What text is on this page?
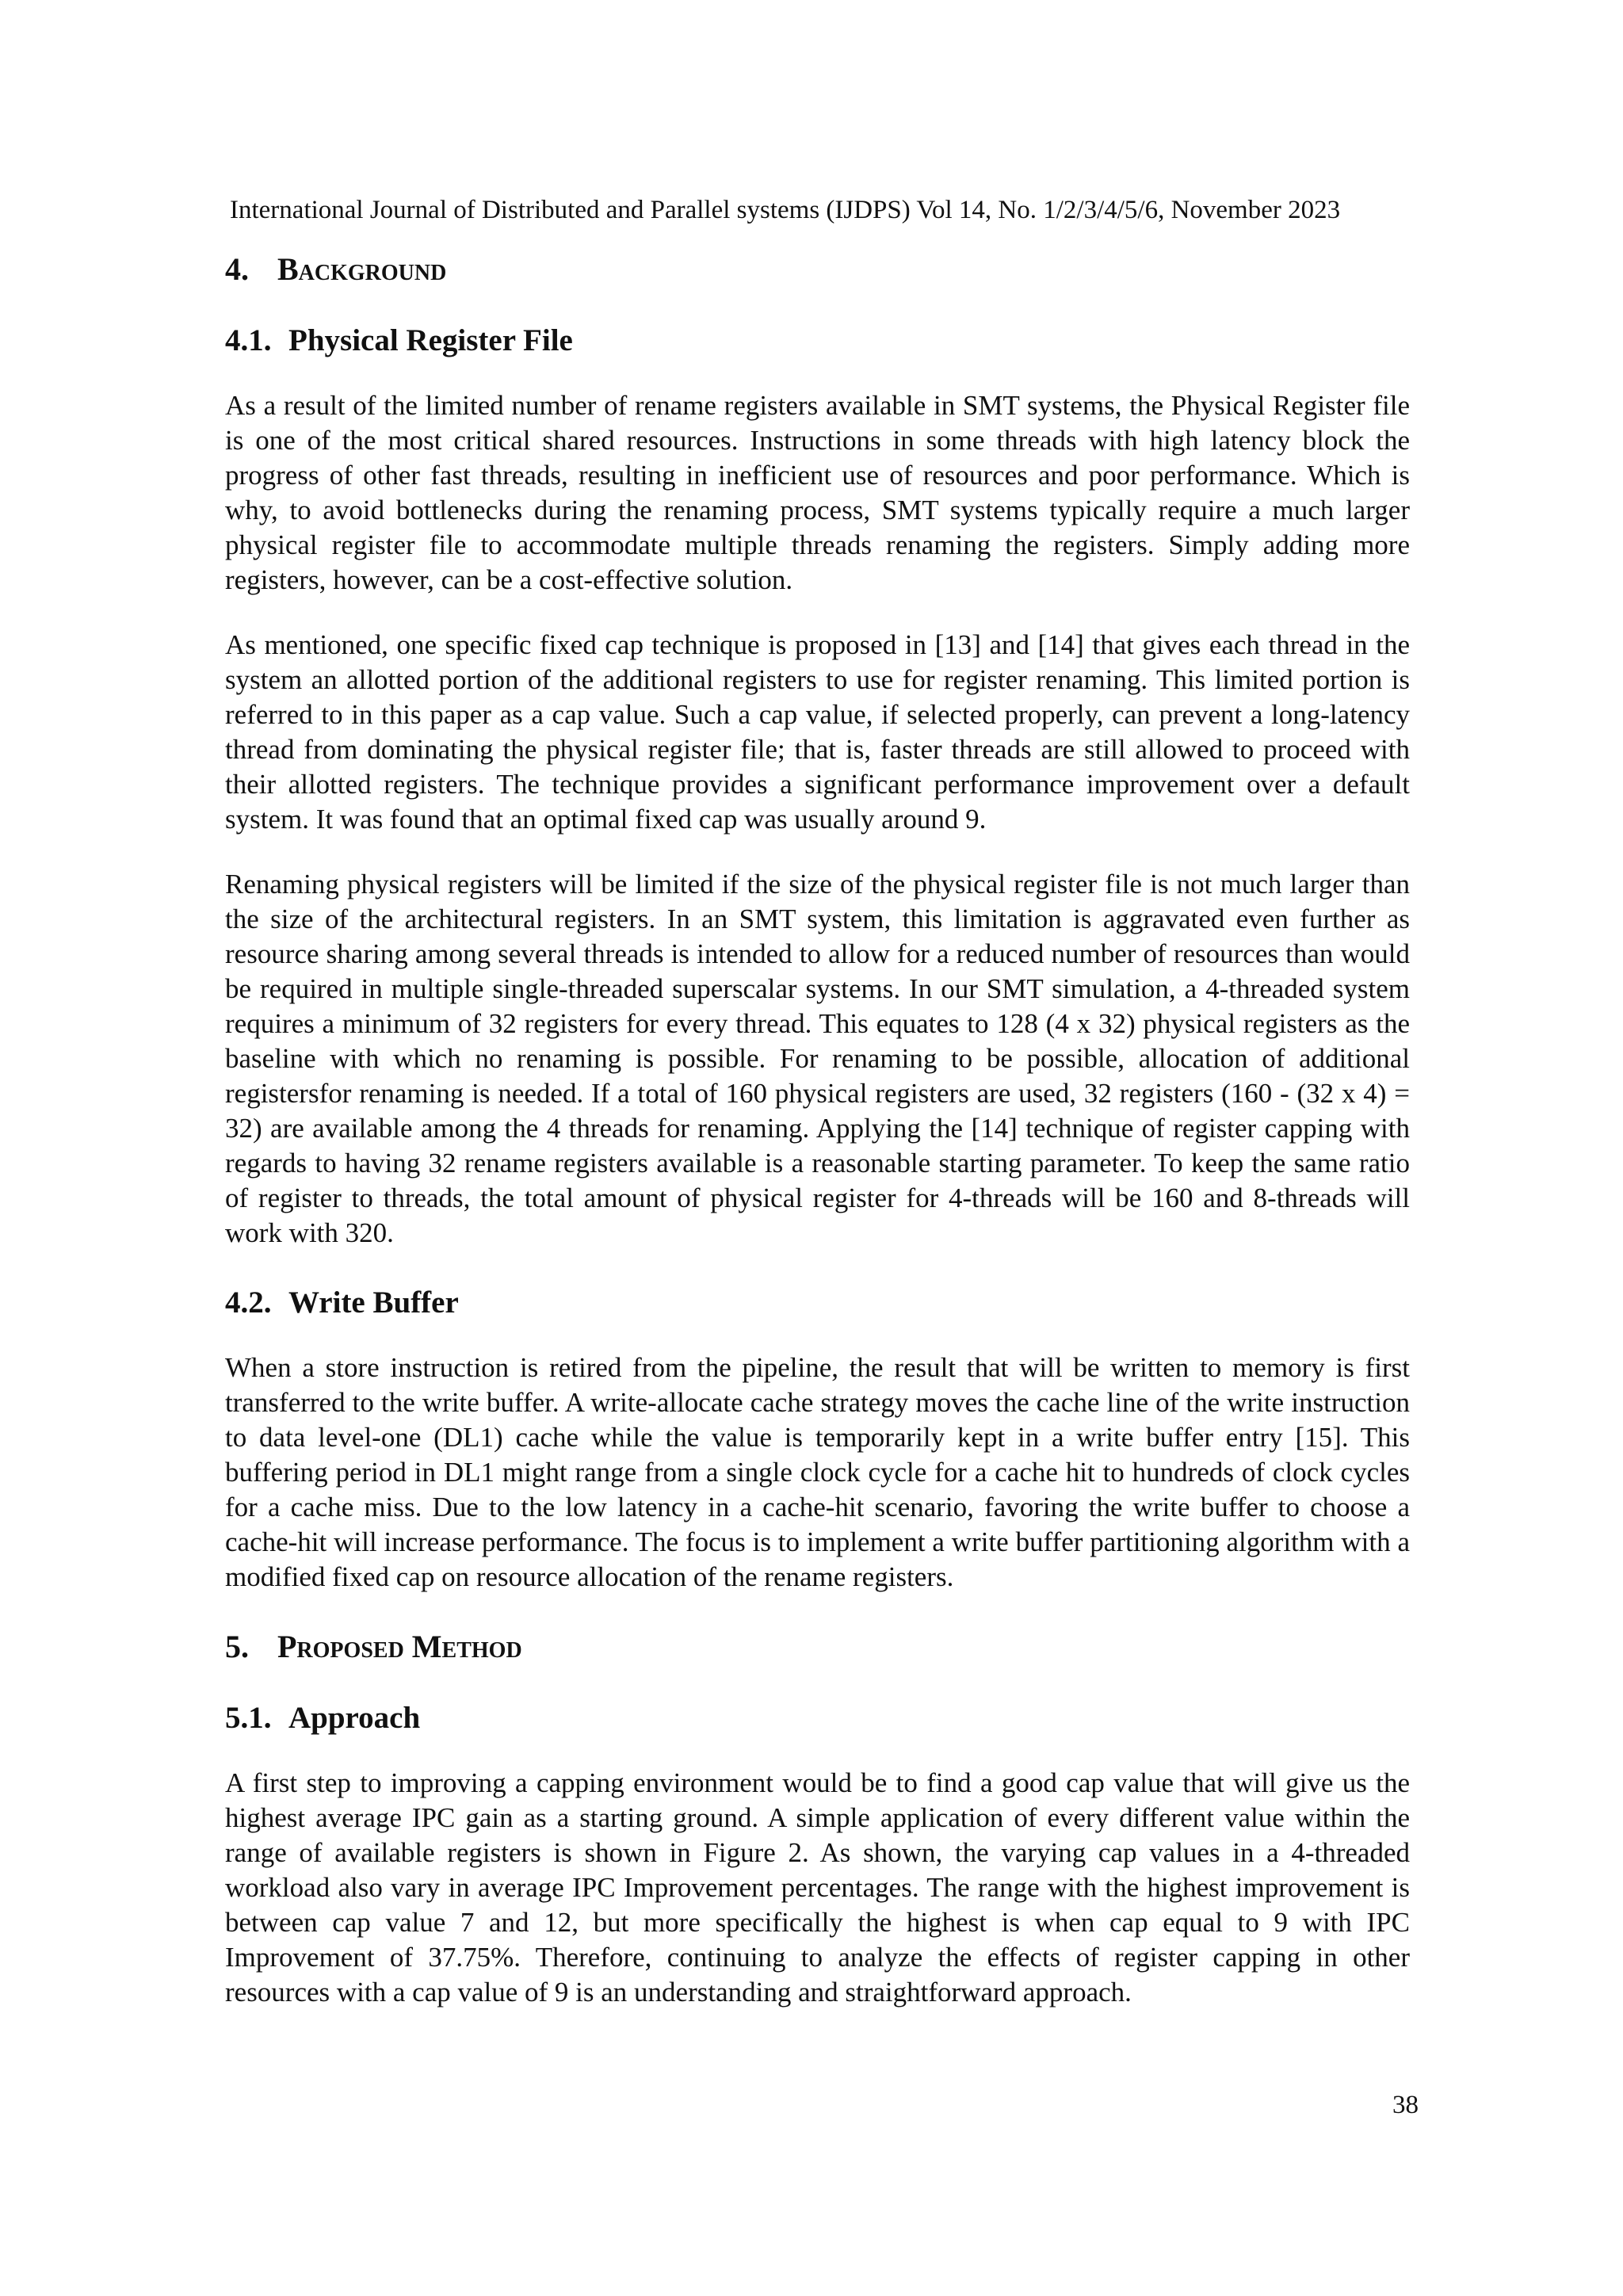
International Journal of Distributed and Parallel systems (IJDPS) Vol 14, No. 1/2/3/4/5/6, November 2023
4. Background
4.1. Physical Register File

As a result of the limited number of rename registers available in SMT systems, the Physical Register file is one of the most critical shared resources. Instructions in some threads with high latency block the progress of other fast threads, resulting in inefficient use of resources and poor performance. Which is why, to avoid bottlenecks during the renaming process, SMT systems typically require a much larger physical register file to accommodate multiple threads renaming the registers. Simply adding more registers, however, can be a cost-effective solution.

As mentioned, one specific fixed cap technique is proposed in [13] and [14] that gives each thread in the system an allotted portion of the additional registers to use for register renaming. This limited portion is referred to in this paper as a cap value. Such a cap value, if selected properly, can prevent a long-latency thread from dominating the physical register file; that is, faster threads are still allowed to proceed with their allotted registers. The technique provides a significant performance improvement over a default system. It was found that an optimal fixed cap was usually around 9.

Renaming physical registers will be limited if the size of the physical register file is not much larger than the size of the architectural registers. In an SMT system, this limitation is aggravated even further as resource sharing among several threads is intended to allow for a reduced number of resources than would be required in multiple single-threaded superscalar systems. In our SMT simulation, a 4-threaded system requires a minimum of 32 registers for every thread. This equates to 128 (4 x 32) physical registers as the baseline with which no renaming is possible. For renaming to be possible, allocation of additional registersfor renaming is needed. If a total of 160 physical registers are used, 32 registers (160 - (32 x 4) = 32) are available among the 4 threads for renaming. Applying the [14] technique of register capping with regards to having 32 rename registers available is a reasonable starting parameter. To keep the same ratio of register to threads, the total amount of physical register for 4-threads will be 160 and 8-threads will work with 320.

4.2. Write Buffer

When a store instruction is retired from the pipeline, the result that will be written to memory is first transferred to the write buffer. A write-allocate cache strategy moves the cache line of the write instruction to data level-one (DL1) cache while the value is temporarily kept in a write buffer entry [15]. This buffering period in DL1 might range from a single clock cycle for a cache hit to hundreds of clock cycles for a cache miss. Due to the low latency in a cache-hit scenario, favoring the write buffer to choose a cache-hit will increase performance. The focus is to implement a write buffer partitioning algorithm with a modified fixed cap on resource allocation of the rename registers.

5. Proposed Method
5.1. Approach

A first step to improving a capping environment would be to find a good cap value that will give us the highest average IPC gain as a starting ground. A simple application of every different value within the range of available registers is shown in Figure 2. As shown, the varying cap values in a 4-threaded workload also vary in average IPC Improvement percentages. The range with the highest improvement is between cap value 7 and 12, but more specifically the highest is when cap equal to 9 with IPC Improvement of 37.75%. Therefore, continuing to analyze the effects of register capping in other resources with a cap value of 9 is an understanding and straightforward approach.

38
